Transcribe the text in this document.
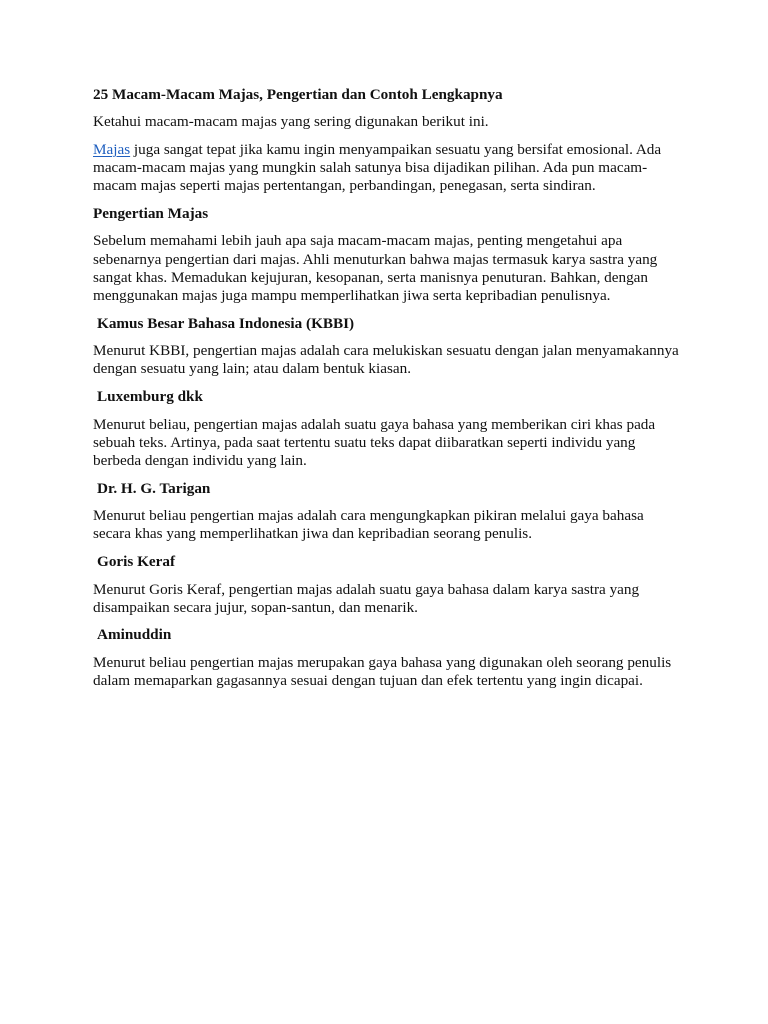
25 Macam-Macam Majas, Pengertian dan Contoh Lengkapnya
Ketahui macam-macam majas yang sering digunakan berikut ini.
Majas juga sangat tepat jika kamu ingin menyampaikan sesuatu yang bersifat emosional. Ada macam-macam majas yang mungkin salah satunya bisa dijadikan pilihan. Ada pun macam-macam majas seperti majas pertentangan, perbandingan, penegasan, serta sindiran.
Pengertian Majas
Sebelum memahami lebih jauh apa saja macam-macam majas, penting mengetahui apa sebenarnya pengertian dari majas. Ahli menuturkan bahwa majas termasuk karya sastra yang sangat khas. Memadukan kejujuran, kesopanan, serta manisnya penuturan. Bahkan, dengan menggunakan majas juga mampu memperlihatkan jiwa serta kepribadian penulisnya.
Kamus Besar Bahasa Indonesia (KBBI)
Menurut KBBI, pengertian majas adalah cara melukiskan sesuatu dengan jalan menyamakannya dengan sesuatu yang lain; atau dalam bentuk kiasan.
Luxemburg dkk
Menurut beliau, pengertian majas adalah suatu gaya bahasa yang memberikan ciri khas pada sebuah teks. Artinya, pada saat tertentu suatu teks dapat diibaratkan seperti individu yang berbeda dengan individu yang lain.
Dr. H. G. Tarigan
Menurut beliau pengertian majas adalah cara mengungkapkan pikiran melalui gaya bahasa secara khas yang memperlihatkan jiwa dan kepribadian seorang penulis.
Goris Keraf
Menurut Goris Keraf, pengertian majas adalah suatu gaya bahasa dalam karya sastra yang disampaikan secara jujur, sopan-santun, dan menarik.
Aminuddin
Menurut beliau pengertian majas merupakan gaya bahasa yang digunakan oleh seorang penulis dalam memaparkan gagasannya sesuai dengan tujuan dan efek tertentu yang ingin dicapai.
